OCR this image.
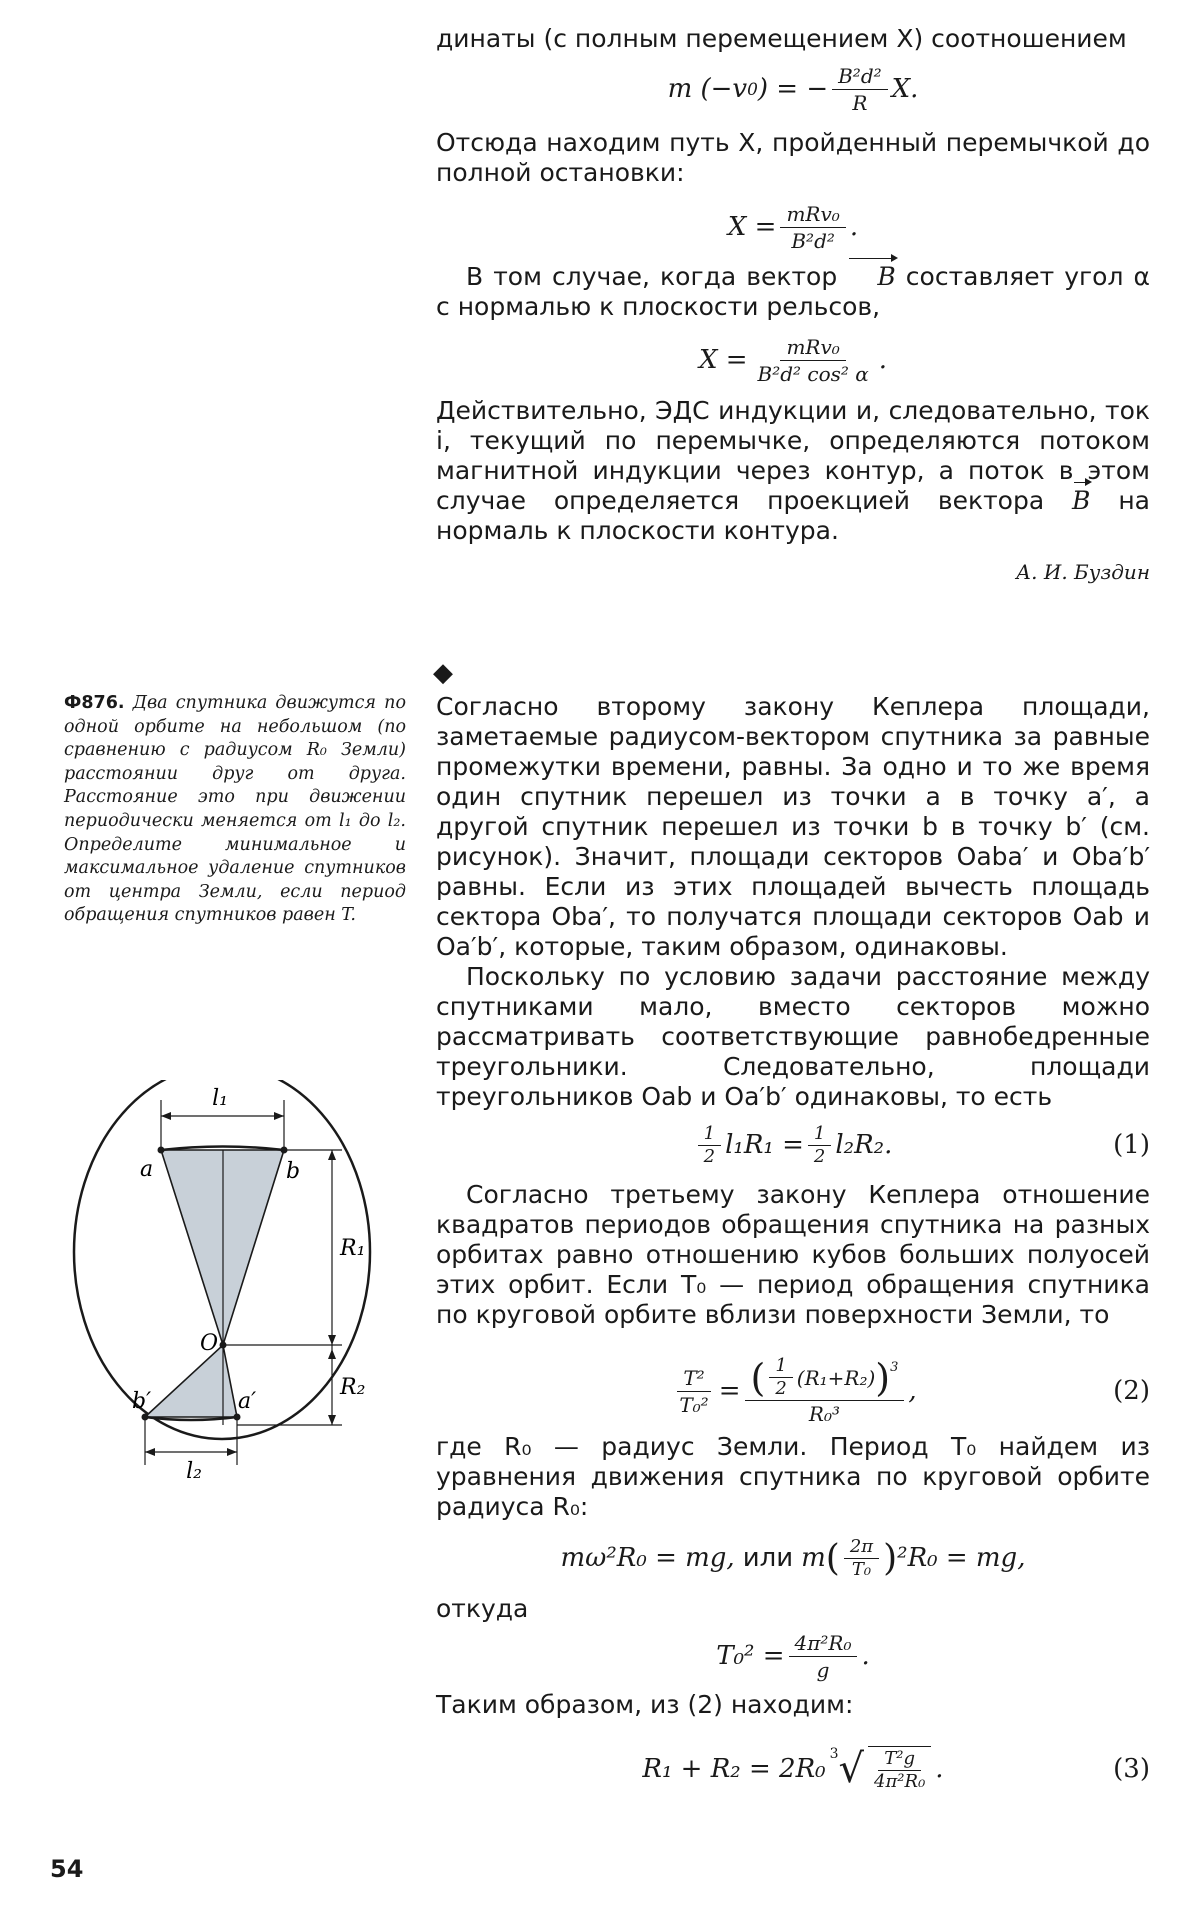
динаты (с полным перемещением X) соотношением

m (−v 0 ) = − $\frac{\text{B²d²}}{R} X$.

Отсюда находим путь X, пройденный перемычкой до полной остановки:

$X = \frac{\text{mRv₀}}{\text{B²d²}}$ .

В том случае, когда вектор B составляет угол α с нормалью к плоскости рельсов,

$X = \frac{\text{mRv₀}}{\text{B²d² cos² α}}$ .

Действительно, ЭДС индукции и, следовательно, ток i, текущий по перемычке, определяются потоком магнитной индукции через контур, а поток в этом случае определяется проекцией вектора B на нормаль к плоскости контура.

А. И. Буздин
Ф876. Два спутника движутся по одной орбите на небольшом (по сравнению с радиусом R₀ Земли) расстоянии друг от друга. Расстояние это при движении периодически меняется от l₁ до l₂. Определите минимальное и максимальное удаление спутников от центра Земли, если период обращения спутников равен T.
l₁
l₂
R₁
R₂
a	b
O
b′	a′
◆

Согласно второму закону Кеплера площади, заметаемые радиусом-вектором спутника за равные промежутки времени, равны. За одно и то же время один спутник перешел из точки a в точку a′, а другой спутник перешел из точки b в точку b′ (см. рисунок). Значит, площади секторов Oaba′ и Oba′b′ равны. Если из этих площадей вычесть площадь сектора Oba′, то получатся площади секторов Oab и Oa′b′, которые, таким образом, одинаковы.

Поскольку по условию задачи расстояние между спутниками мало, вместо секторов можно рассматривать соответствующие равнобедренные треугольники. Следовательно, площади треугольников Oab и Oa′b′ одинаковы, то есть

$\frac{1}{2} l_1R_1 = \frac{1}{2} l_2R_2$.	(1)

Согласно третьему закону Кеплера отношение квадратов периодов обращения спутника на разных орбитах равно отношению кубов больших полуосей этих орбит. Если T₀ — период обращения спутника по круговой орбите вблизи поверхности Земли, то

$\frac{\text{T²}}{\text{T₀²}}$ = ( $\frac{1}{2} (R_1+R_2)$ )$^3$
R₀³
,	(2)

где R₀ — радиус Земли. Период T₀ найдем из уравнения движения спутника по круговой орбите радиуса R₀:

mω²R₀ = mg, или m ( $\frac{2\pi}{\text{T₀}}$ ) ²R₀ = mg,

откуда

$T_0^2 = \frac{\text{4π²R₀}}{g}$ .

Таким образом, из (2) находим:

R₁ + R₂ = 2R₀ 3 √ $\frac{\text{T²g}}{\text{4π²R₀}}$ .	(3)
54
